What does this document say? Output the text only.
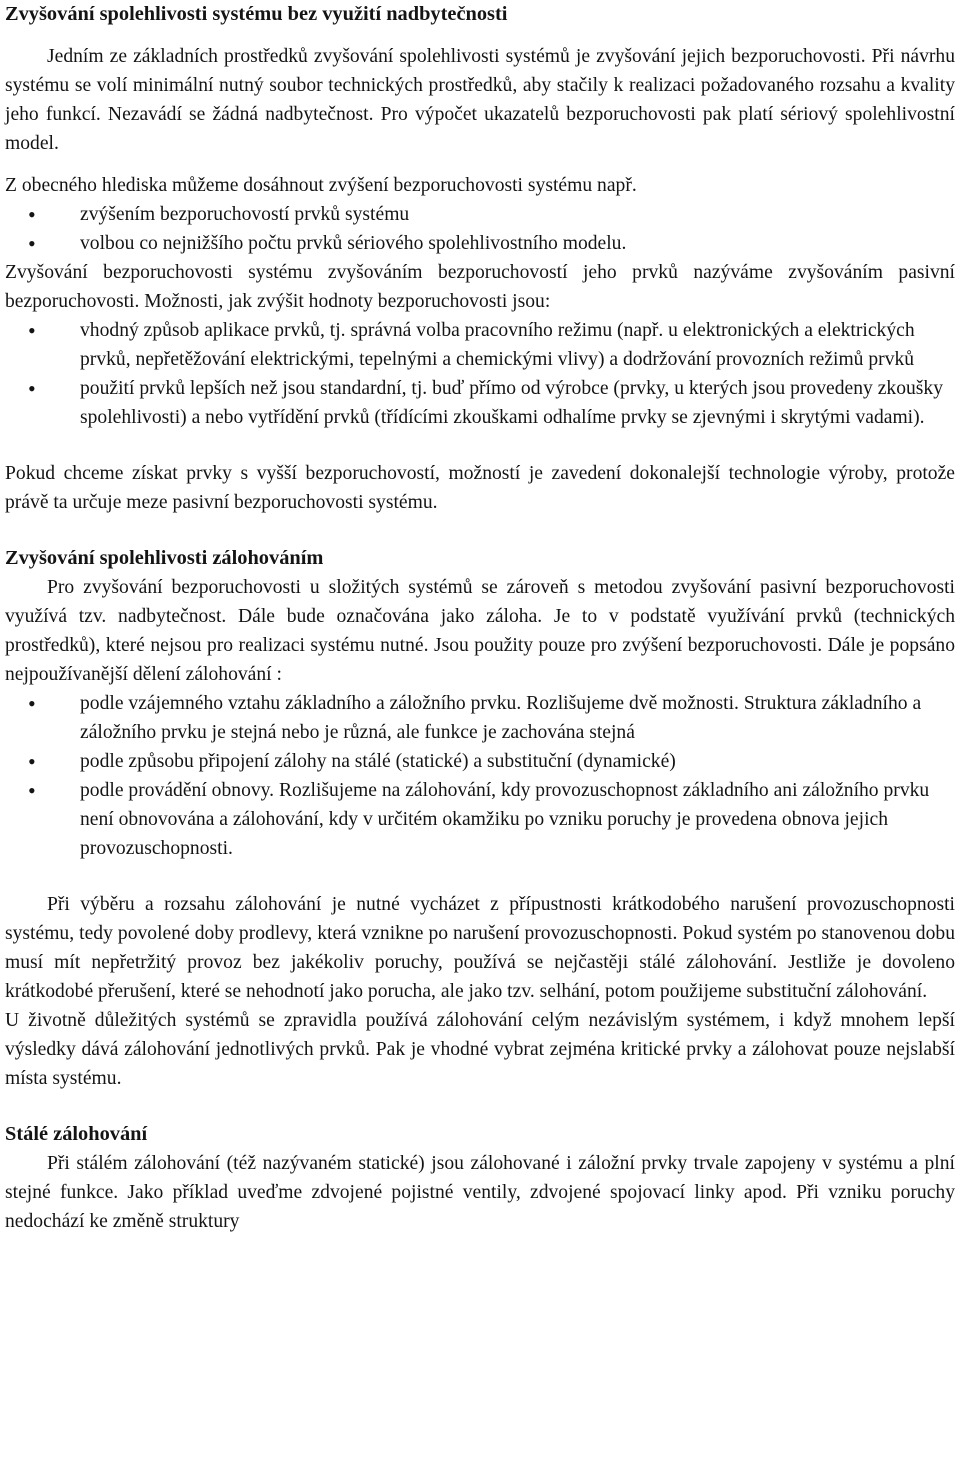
Zvyšování spolehlivosti systému bez využití nadbytečnosti

Jedním ze základních prostředků zvyšování spolehlivosti systémů je zvyšování jejich bezporuchovosti. Při návrhu systému se volí minimální nutný soubor technických prostředků, aby stačily k realizaci požadovaného rozsahu a kvality jeho funkcí. Nezavádí se žádná nadbytečnost. Pro výpočet ukazatelů bezporuchovosti pak platí sériový spolehlivostní model.

Z obecného hlediska můžeme dosáhnout zvýšení bezporuchovosti systému např.

• zvýšením bezporuchovostí prvků systému
• volbou co nejnižšího počtu prvků sériového spolehlivostního modelu.

Zvyšování bezporuchovosti systému zvyšováním bezporuchovostí jeho prvků nazýváme zvyšováním pasivní bezporuchovosti. Možnosti, jak zvýšit hodnoty bezporuchovosti jsou:

• vhodný způsob aplikace prvků, tj. správná volba pracovního režimu (např. u elektronických a elektrických prvků, nepřetěžování elektrickými, tepelnými a chemickými vlivy) a dodržování provozních režimů prvků
• použití prvků lepších než jsou standardní, tj. buď přímo od výrobce (prvky, u kterých jsou provedeny zkoušky spolehlivosti) a nebo vytřídění prvků (třídícími zkouškami odhalíme prvky se zjevnými i skrytými vadami).

Pokud chceme získat prvky s vyšší bezporuchovostí, možností je zavedení dokonalejší technologie výroby, protože právě ta určuje meze pasivní bezporuchovosti systému.

Zvyšování spolehlivosti zálohováním

Pro zvyšování bezporuchovosti u složitých systémů se zároveň s metodou zvyšování pasivní bezporuchovosti využívá tzv. nadbytečnost. Dále bude označována jako záloha. Je to v podstatě využívání prvků (technických prostředků), které nejsou pro realizaci systému nutné. Jsou použity pouze pro zvýšení bezporuchovosti. Dále je popsáno nejpoužívanější dělení zálohování :

• podle vzájemného vztahu základního a záložního prvku. Rozlišujeme dvě možnosti. Struktura základního a záložního prvku je stejná nebo je různá, ale funkce je zachována stejná
• podle způsobu připojení zálohy na stálé (statické) a substituční (dynamické)
• podle provádění obnovy. Rozlišujeme na zálohování, kdy provozuschopnost základního ani záložního prvku není obnovována a zálohování, kdy v určitém okamžiku po vzniku poruchy je provedena obnova jejich provozuschopnosti.

Při výběru a rozsahu zálohování je nutné vycházet z přípustnosti krátkodobého narušení provozuschopnosti systému, tedy povolené doby prodlevy, která vznikne po narušení provozuschopnosti. Pokud systém po stanovenou dobu musí mít nepřetržitý provoz bez jakékoliv poruchy, používá se nejčastěji stálé zálohování. Jestliže je dovoleno krátkodobé přerušení, které se nehodnotí jako porucha, ale jako tzv. selhání, potom použijeme substituční zálohování.

U životně důležitých systémů se zpravidla používá zálohování celým nezávislým systémem, i když mnohem lepší výsledky dává zálohování jednotlivých prvků. Pak je vhodné vybrat zejména kritické prvky a zálohovat pouze nejslabší místa systému.

Stálé zálohování

Při stálém zálohování (též nazývaném statické) jsou zálohované i záložní prvky trvale zapojeny v systému a plní stejné funkce. Jako příklad uveďme zdvojené pojistné ventily, zdvojené spojovací linky apod. Při vzniku poruchy nedochází ke změně struktury
